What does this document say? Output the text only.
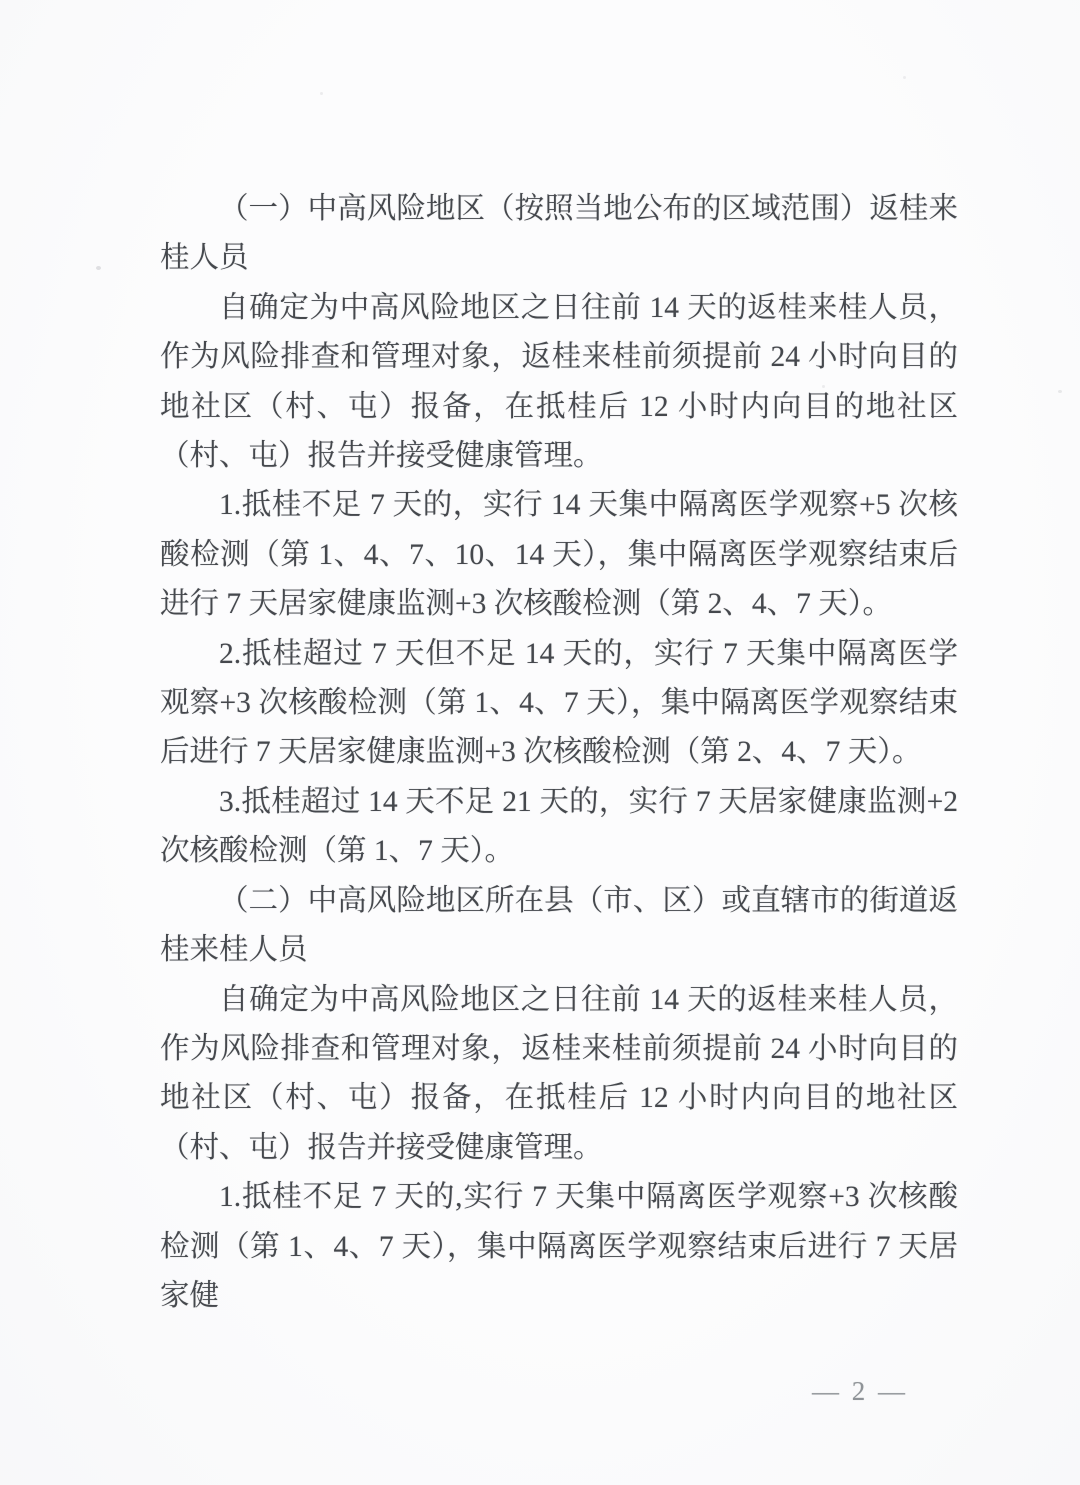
（一）中高风险地区（按照当地公布的区域范围）返桂来桂人员

自确定为中高风险地区之日往前 14 天的返桂来桂人员，作为风险排查和管理对象，返桂来桂前须提前 24 小时向目的地社区（村、屯）报备，在抵桂后 12 小时内向目的地社区（村、屯）报告并接受健康管理。

1.抵桂不足 7 天的，实行 14 天集中隔离医学观察+5 次核酸检测（第 1、4、7、10、14 天），集中隔离医学观察结束后进行 7 天居家健康监测+3 次核酸检测（第 2、4、7 天）。

2.抵桂超过 7 天但不足 14 天的，实行 7 天集中隔离医学观察+3 次核酸检测（第 1、4、7 天），集中隔离医学观察结束后进行 7 天居家健康监测+3 次核酸检测（第 2、4、7 天）。

3.抵桂超过 14 天不足 21 天的，实行 7 天居家健康监测+2 次核酸检测（第 1、7 天）。

（二）中高风险地区所在县（市、区）或直辖市的街道返桂来桂人员

自确定为中高风险地区之日往前 14 天的返桂来桂人员，作为风险排查和管理对象，返桂来桂前须提前 24 小时向目的地社区（村、屯）报备，在抵桂后 12 小时内向目的地社区（村、屯）报告并接受健康管理。

1.抵桂不足 7 天的,实行 7 天集中隔离医学观察+3 次核酸检测（第 1、4、7 天），集中隔离医学观察结束后进行 7 天居家健

— 2 —
